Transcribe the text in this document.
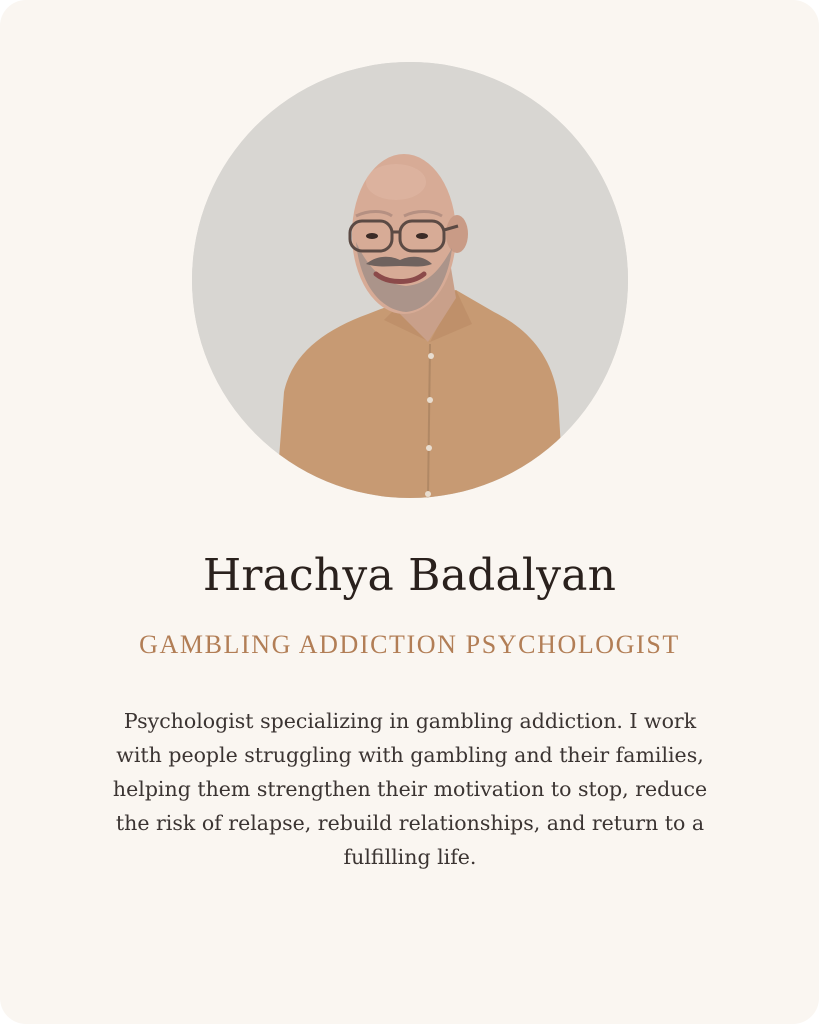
Hrachya Badalyan
GAMBLING ADDICTION PSYCHOLOGIST
Psychologist specializing in gambling addiction. I work with people struggling with gambling and their families, helping them strengthen their motivation to stop, reduce the risk of relapse, rebuild relationships, and return to a fulfilling life.
